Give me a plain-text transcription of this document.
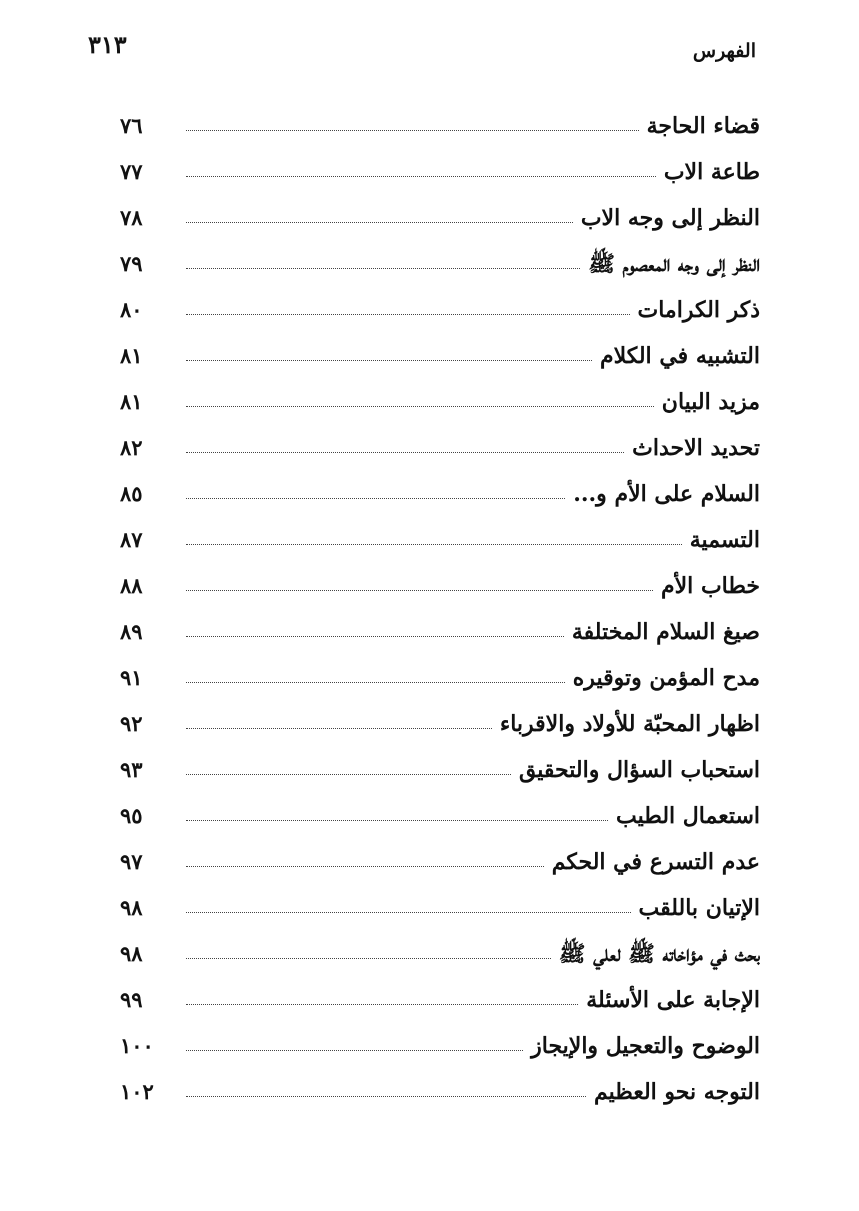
الفهرس
٣١٣
قضاء الحاجة
٧٦
طاعة الاب
٧٧
النظر إلى وجه الاب
٧٨
النظر إلى وجه المعصوم ﷺ
٧٩
ذكر الكرامات
٨٠
التشبيه في الكلام
٨١
مزيد البيان
٨١
تحديد الاحداث
٨٢
السلام على الأم و...
٨٥
التسمية
٨٧
خطاب الأم
٨٨
صيغ السلام المختلفة
٨٩
مدح المؤمن وتوقيره
٩١
اظهار المحبّة للأولاد والاقرباء
٩٢
استحباب السؤال والتحقيق
٩٣
استعمال الطيب
٩٥
عدم التسرع في الحكم
٩٧
الإتيان باللقب
٩٨
بحث في مؤاخاته ﷺ لعلي ﷺ
٩٨
الإجابة على الأسئلة
٩٩
الوضوح والتعجيل والإيجاز
١٠٠
التوجه نحو العظيم
١٠٢
